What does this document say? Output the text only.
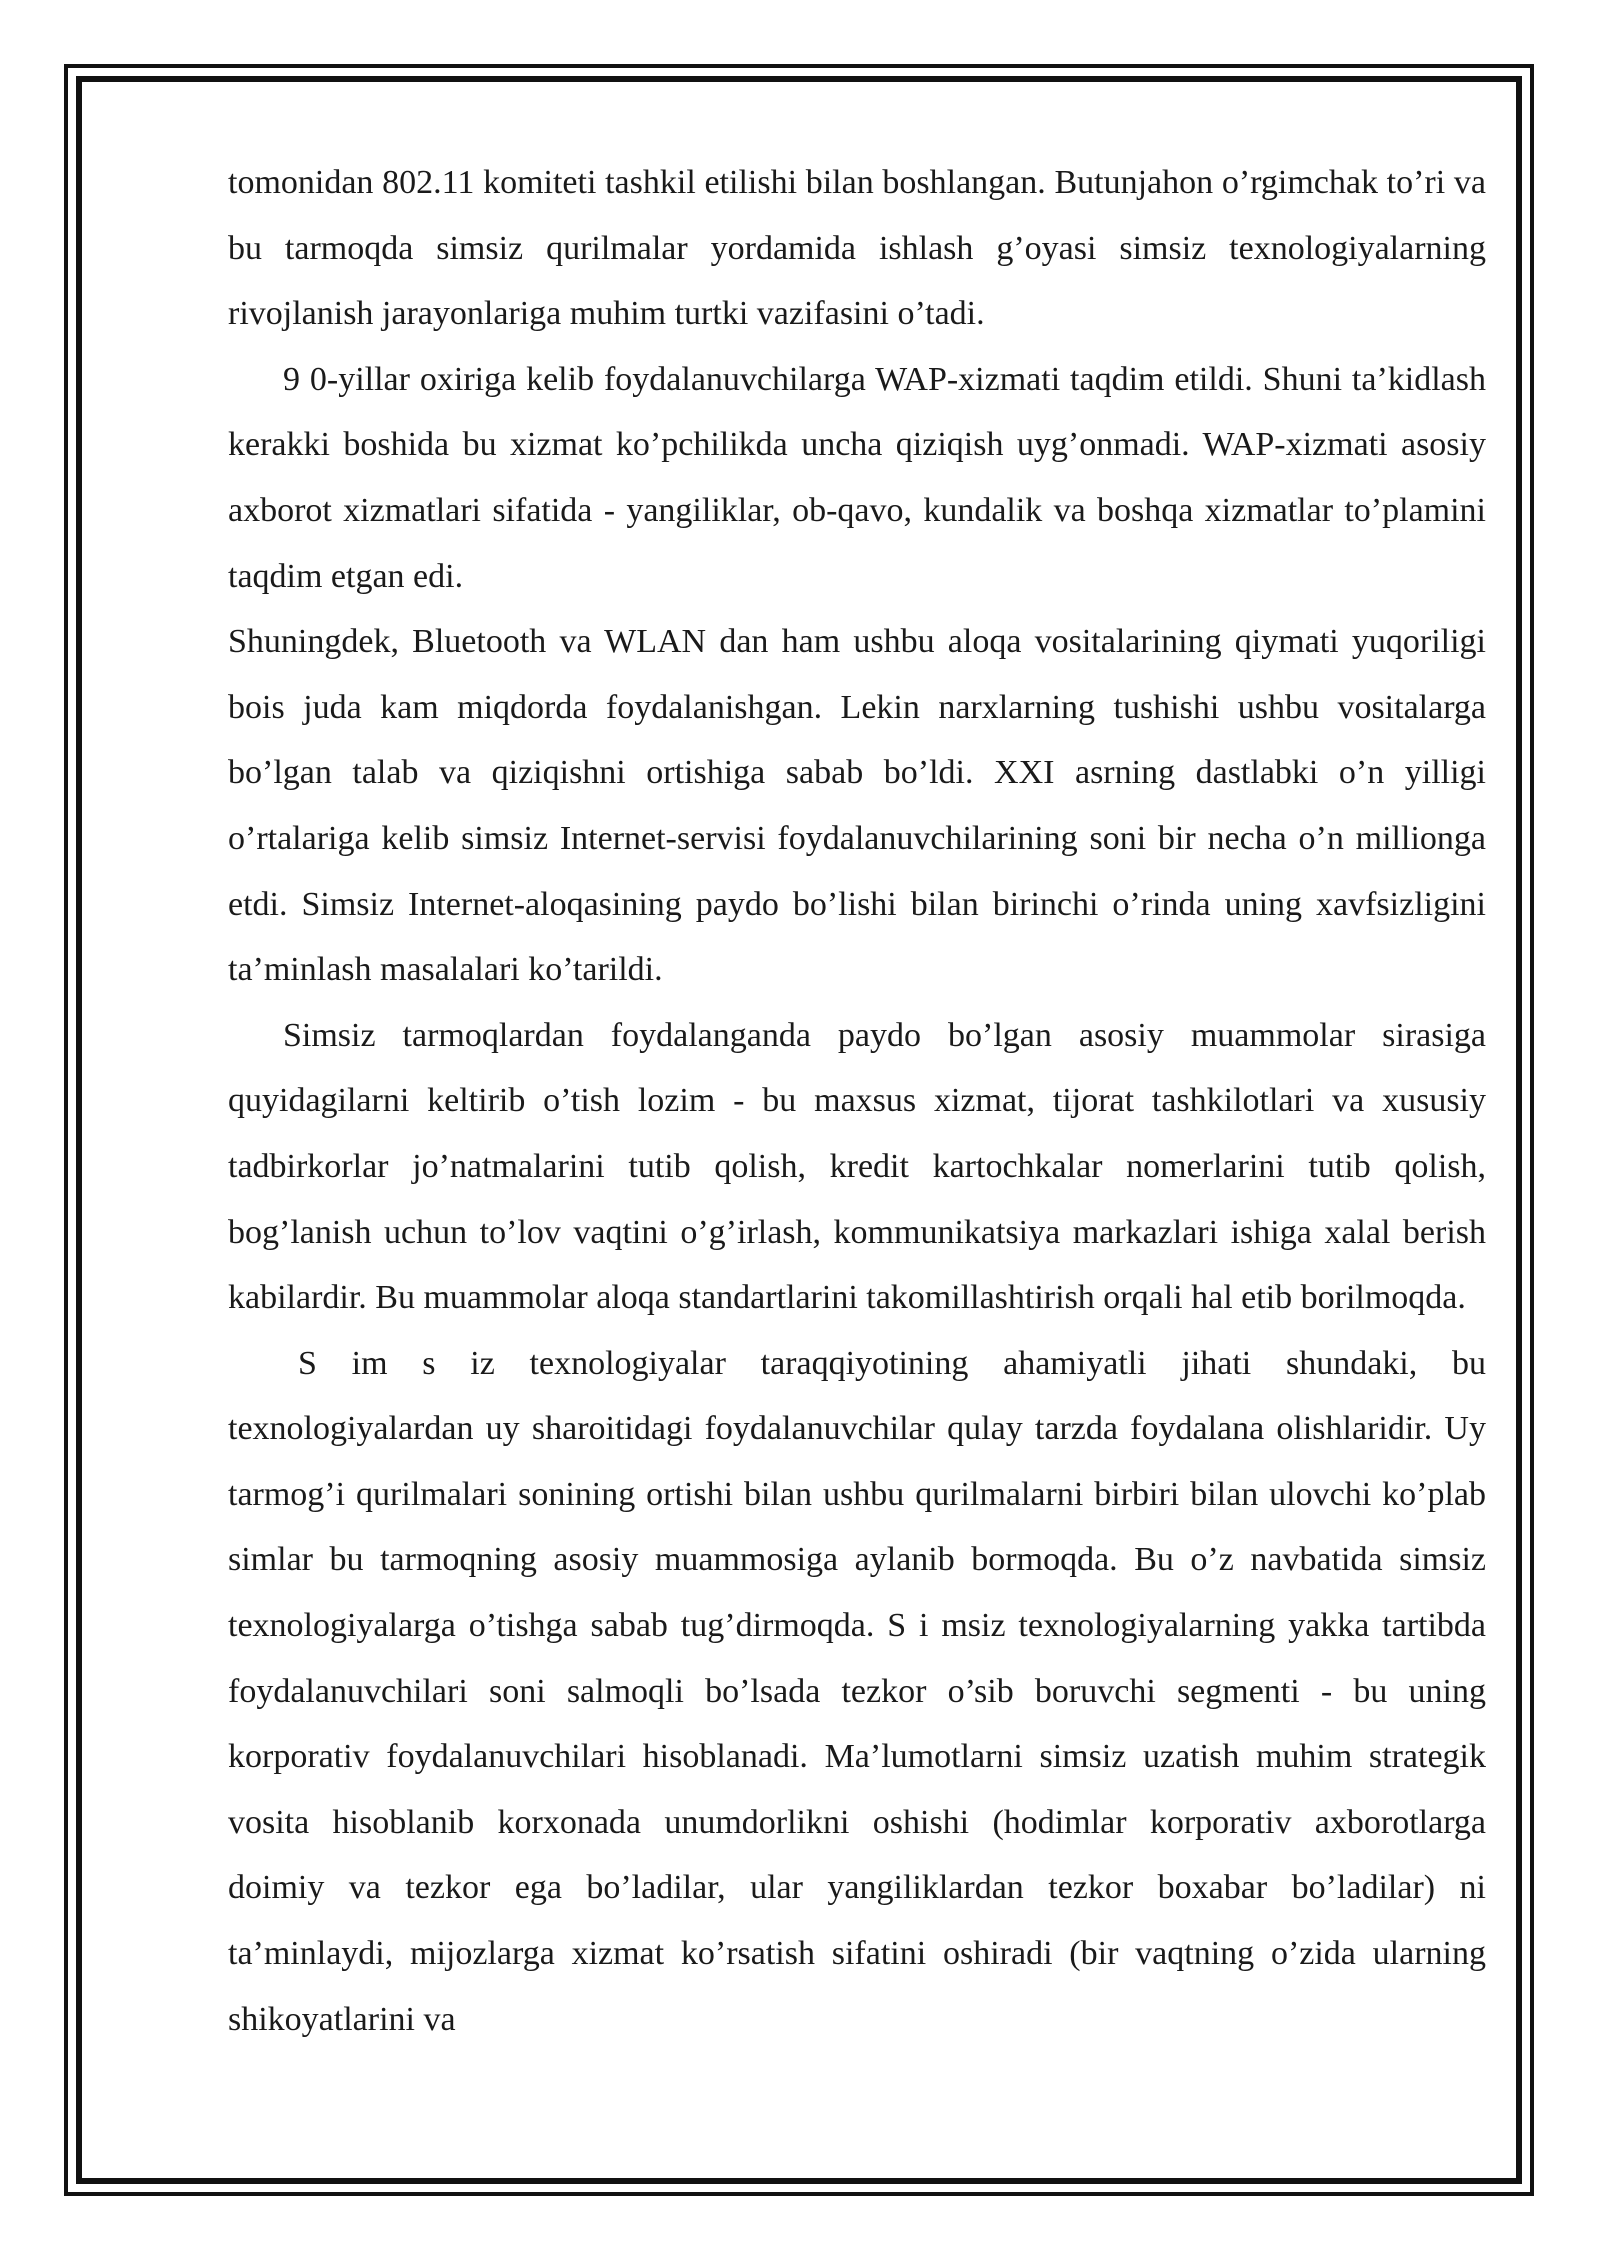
tomonidan 802.11 komiteti tashkil etilishi bilan boshlangan. Butunjahon o’rgimchak to’ri va bu tarmoqda simsiz qurilmalar yordamida ishlash g’oyasi simsiz texnologiyalarning rivojlanish jarayonlariga muhim turtki vazifasini o’tadi.

9 0-yillar oxiriga kelib foydalanuvchilarga WAP-xizmati taqdim etildi. Shuni ta’kidlash kerakki boshida bu xizmat ko’pchilikda uncha qiziqish uyg’onmadi. WAP-xizmati asosiy axborot xizmatlari sifatida - yangiliklar, ob-qavo, kundalik va boshqa xizmatlar to’plamini taqdim etgan edi.

Shuningdek, Bluetooth va WLAN dan ham ushbu aloqa vositalarining qiymati yuqoriligi bois juda kam miqdorda foydalanishgan. Lekin narxlarning tushishi ushbu vositalarga bo’lgan talab va qiziqishni ortishiga sabab bo’ldi. XXI asrning dastlabki o’n yilligi o’rtalariga kelib simsiz Internet-servisi foydalanuvchilarining soni bir necha o’n millionga etdi. Simsiz Internet-aloqasining paydo bo’lishi bilan birinchi o’rinda uning xavfsizligini ta’minlash masalalari ko’tarildi.

Simsiz tarmoqlardan foydalanganda paydo bo’lgan asosiy muammolar sirasiga quyidagilarni keltirib o’tish lozim - bu maxsus xizmat, tijorat tashkilotlari va xususiy tadbirkorlar jo’natmalarini tutib qolish, kredit kartochkalar nomerlarini tutib qolish, bog’lanish uchun to’lov vaqtini o’g’irlash, kommunikatsiya markazlari ishiga xalal berish kabilardir. Bu muammolar aloqa standartlarini takomillashtirish orqali hal etib borilmoqda.

S im s iz texnologiyalar taraqqiyotining ahamiyatli jihati shundaki, bu texnologiyalardan uy sharoitidagi foydalanuvchilar qulay tarzda foydalana olishlaridir. Uy tarmog’i qurilmalari sonining ortishi bilan ushbu qurilmalarni birbiri bilan ulovchi ko’plab simlar bu tarmoqning asosiy muammosiga aylanib bormoqda. Bu o’z navbatida simsiz texnologiyalarga o’tishga sabab tug’dirmoqda. S i msiz texnologiyalarning yakka tartibda foydalanuvchilari soni salmoqli bo’lsada tezkor o’sib boruvchi segmenti - bu uning korporativ foydalanuvchilari hisoblanadi. Ma’lumotlarni simsiz uzatish muhim strategik vosita hisoblanib korxonada unumdorlikni oshishi (hodimlar korporativ axborotlarga doimiy va tezkor ega bo’ladilar, ular yangiliklardan tezkor boxabar bo’ladilar) ni ta’minlaydi, mijozlarga xizmat ko’rsatish sifatini oshiradi (bir vaqtning o’zida ularning shikoyatlarini va
